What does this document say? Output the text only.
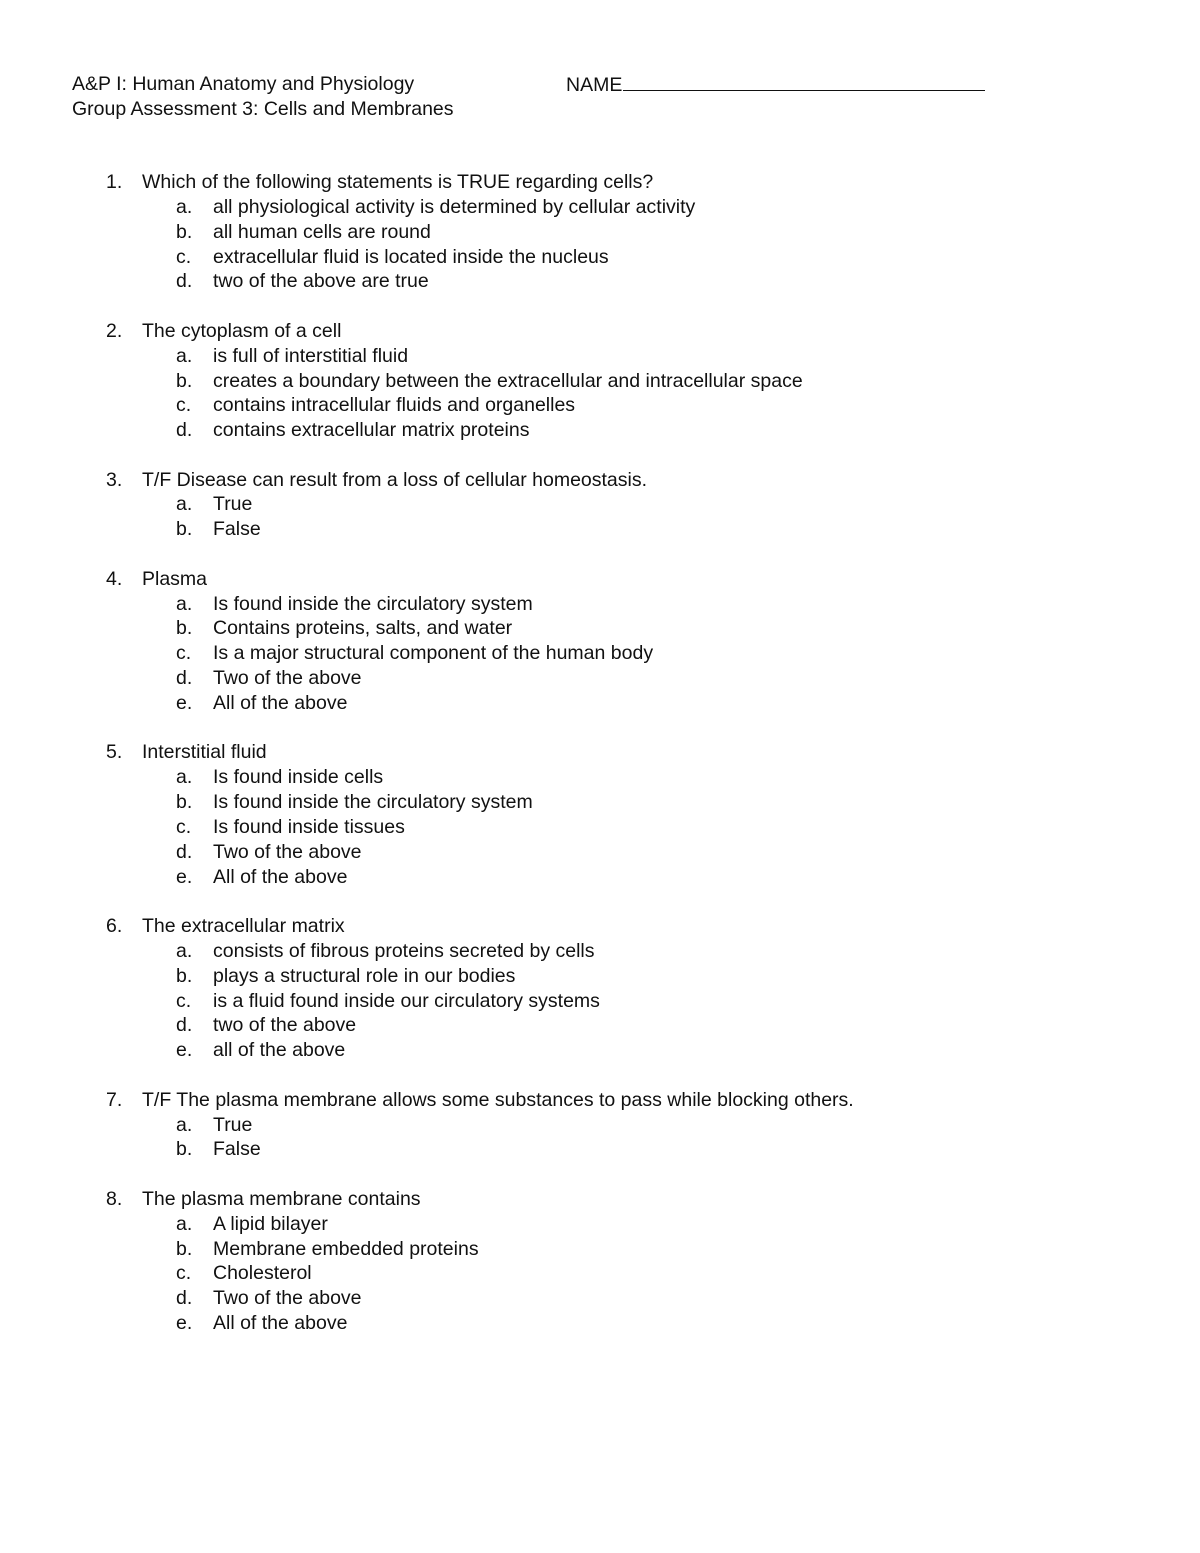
A&P I: Human Anatomy and Physiology	NAME
Group Assessment 3: Cells and Membranes
1.	Which of the following statements is TRUE regarding cells?
a.	all physiological activity is determined by cellular activity
b.	all human cells are round
c.	extracellular fluid is located inside the nucleus
d.	two of the above are true
2.	The cytoplasm of a cell
a.	is full of interstitial fluid
b.	creates a boundary between the extracellular and intracellular space
c.	contains intracellular fluids and organelles
d.	contains extracellular matrix proteins
3.	T/F Disease can result from a loss of cellular homeostasis.
a.	True
b.	False
4.	Plasma
a.	Is found inside the circulatory system
b.	Contains proteins, salts, and water
c.	Is a major structural component of the human body
d.	Two of the above
e.	All of the above
5.	Interstitial fluid
a.	Is found inside cells
b.	Is found inside the circulatory system
c.	Is found inside tissues
d.	Two of the above
e.	All of the above
6.	The extracellular matrix
a.	consists of fibrous proteins secreted by cells
b.	plays a structural role in our bodies
c.	is a fluid found inside our circulatory systems
d.	two of the above
e.	all of the above
7.	T/F The plasma membrane allows some substances to pass while blocking others.
a.	True
b.	False
8.	The plasma membrane contains
a.	A lipid bilayer
b.	Membrane embedded proteins
c.	Cholesterol
d.	Two of the above
e.	All of the above
